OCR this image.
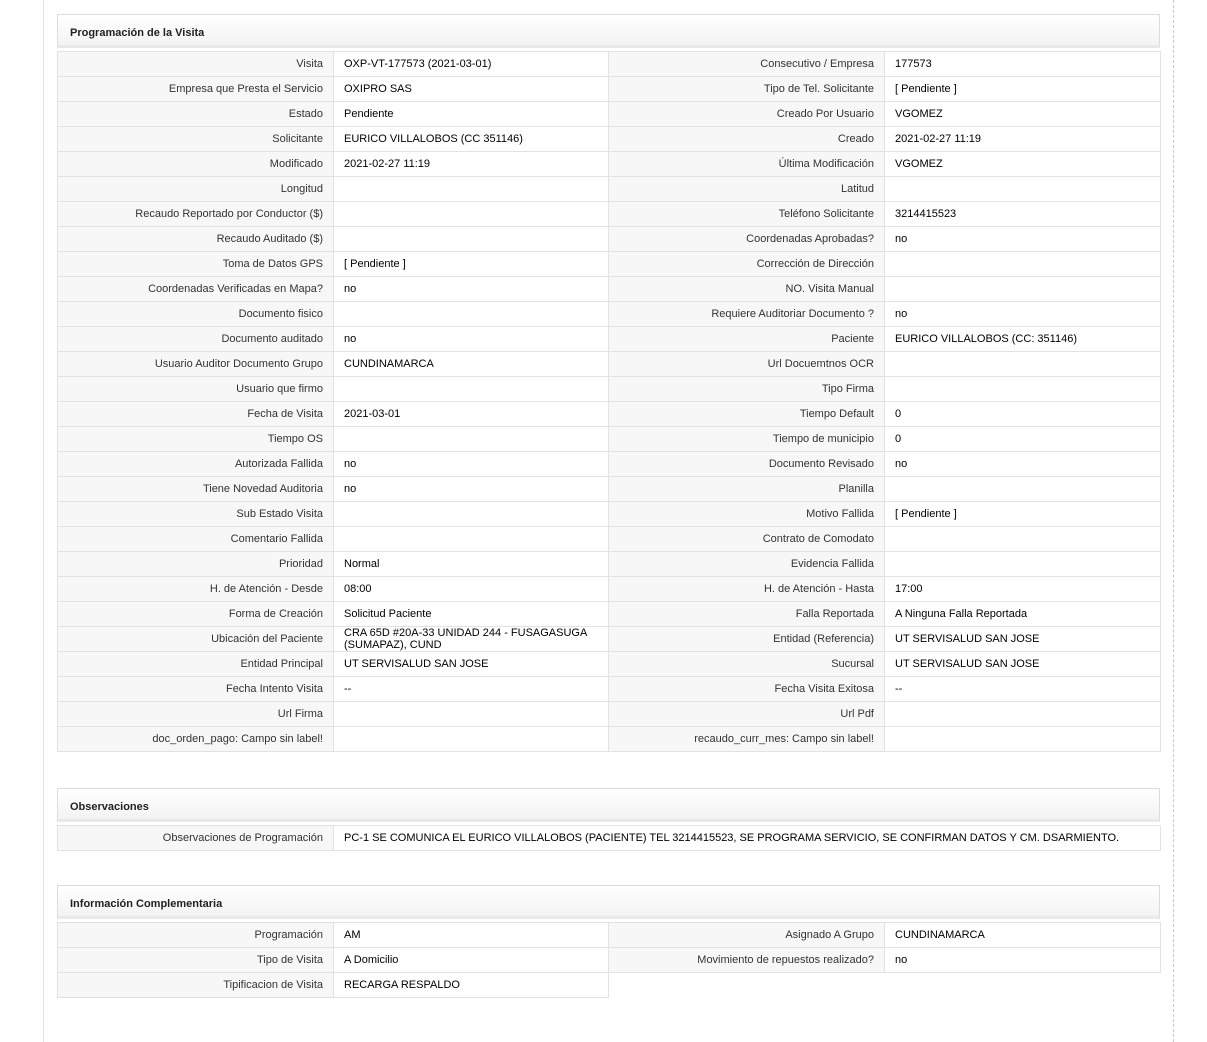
Programación de la Visita
Visita	OXP-VT-177573 (2021-03-01)	Consecutivo / Empresa	177573
Empresa que Presta el Servicio	OXIPRO SAS	Tipo de Tel. Solicitante	[ Pendiente ]
Estado	Pendiente	Creado Por Usuario	VGOMEZ
Solicitante	EURICO VILLALOBOS (CC 351146)	Creado	2021-02-27 11:19
Modificado	2021-02-27 11:19	Última Modificación	VGOMEZ
Longitud		Latitud	
Recaudo Reportado por Conductor ($)		Teléfono Solicitante	3214415523
Recaudo Auditado ($)		Coordenadas Aprobadas?	no
Toma de Datos GPS	[ Pendiente ]	Corrección de Dirección	
Coordenadas Verificadas en Mapa?	no	NO. Visita Manual	
Documento fisico		Requiere Auditoriar Documento ?	no
Documento auditado	no	Paciente	EURICO VILLALOBOS (CC: 351146)
Usuario Auditor Documento Grupo	CUNDINAMARCA	Url Docuemtnos OCR	
Usuario que firmo		Tipo Firma	
Fecha de Visita	2021-03-01	Tiempo Default	0
Tiempo OS		Tiempo de municipio	0
Autorizada Fallida	no	Documento Revisado	no
Tiene Novedad Auditoria	no	Planilla	
Sub Estado Visita		Motivo Fallida	[ Pendiente ]
Comentario Fallida		Contrato de Comodato	
Prioridad	Normal	Evidencia Fallida	
H. de Atención - Desde	08:00	H. de Atención - Hasta	17:00
Forma de Creación	Solicitud Paciente	Falla Reportada	A Ninguna Falla Reportada
Ubicación del Paciente	CRA 65D #20A-33 UNIDAD 244 - FUSAGASUGA (SUMAPAZ), CUND	Entidad (Referencia)	UT SERVISALUD SAN JOSE
Entidad Principal	UT SERVISALUD SAN JOSE	Sucursal	UT SERVISALUD SAN JOSE
Fecha Intento Visita	--	Fecha Visita Exitosa	--
Url Firma		Url Pdf	
doc_orden_pago: Campo sin label!		recaudo_curr_mes: Campo sin label!	
Observaciones
Observaciones de Programación	PC-1 SE COMUNICA EL EURICO VILLALOBOS (PACIENTE) TEL 3214415523, SE PROGRAMA SERVICIO, SE CONFIRMAN DATOS Y CM. DSARMIENTO.
Información Complementaria
Programación	AM	Asignado A Grupo	CUNDINAMARCA
Tipo de Visita	A Domicilio	Movimiento de repuestos realizado?	no
Tipificacion de Visita	RECARGA RESPALDO		
